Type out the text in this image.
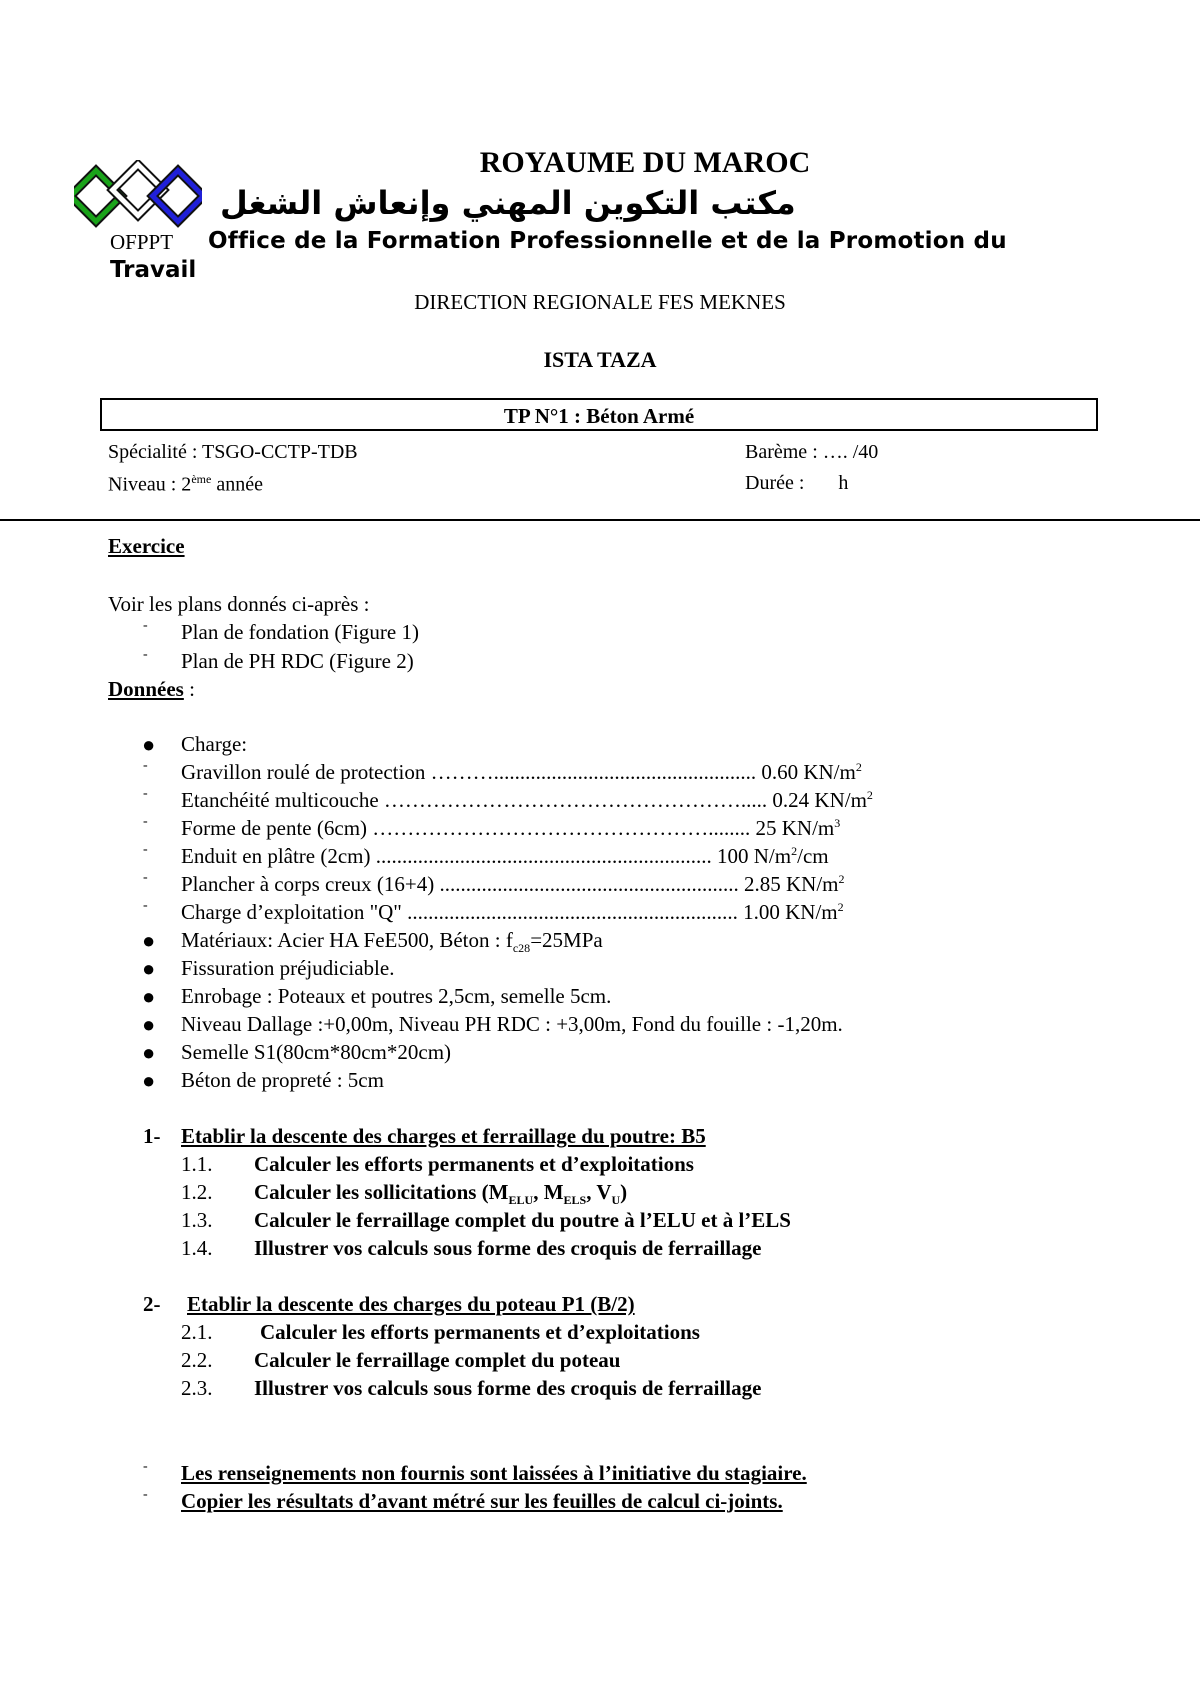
ROYAUME DU MAROC
مكتب التكوين المهني وإنعاش الشغل
OFPPT Office de la Formation Professionnelle et de la Promotion du
Travail
DIRECTION REGIONALE FES MEKNES
ISTA TAZA
TP N°1 : Béton Armé
Spécialité : TSGO-CCTP-TDB	Barème : …. /40
Niveau : 2ème année	Durée : h
Exercice
Voir les plans donnés ci-après :
- Plan de fondation (Figure 1)
- Plan de PH RDC (Figure 2)
Données :
● Charge:
- Gravillon roulé de protection ……….................................................. 0.60 $KN/m^2$
- Etanchéité multicouche ……………………………………………..... 0.24 $KN/m^2$
- Forme de pente (6cm) …………………………………………........ 25 $KN/m^3$
- Enduit en plâtre (2cm) ................................................................ 100 $N/m^2/cm$
- Plancher à corps creux (16+4) ......................................................... 2.85 $KN/m^2$
- Charge d’exploitation "Q" ............................................................... 1.00 $KN/m^2$
● Matériaux: Acier HA FeE500, Béton : $f_{c28}=25MPa$
● Fissuration préjudiciable.
● Enrobage : Poteaux et poutres 2,5cm, semelle 5cm.
● Niveau Dallage :+0,00m, Niveau PH RDC : +3,00m, Fond du fouille : -1,20m.
● Semelle S1(80cm*80cm*20cm)
● Béton de propreté : 5cm
1- Etablir la descente des charges et ferraillage du poutre: B5
1.1. Calculer les efforts permanents et d’exploitations
1.2. Calculer les sollicitations ($M_{ELU}$, $M_{ELS}$, $V_U$)
1.3. Calculer le ferraillage complet du poutre à l’ELU et à l’ELS
1.4. Illustrer vos calculs sous forme des croquis de ferraillage
2- Etablir la descente des charges du poteau P1 (B/2)
2.1. Calculer les efforts permanents et d’exploitations
2.2. Calculer le ferraillage complet du poteau
2.3. Illustrer vos calculs sous forme des croquis de ferraillage
- Les renseignements non fournis sont laissées à l’initiative du stagiaire.
- Copier les résultats d’avant métré sur les feuilles de calcul ci-joints.
